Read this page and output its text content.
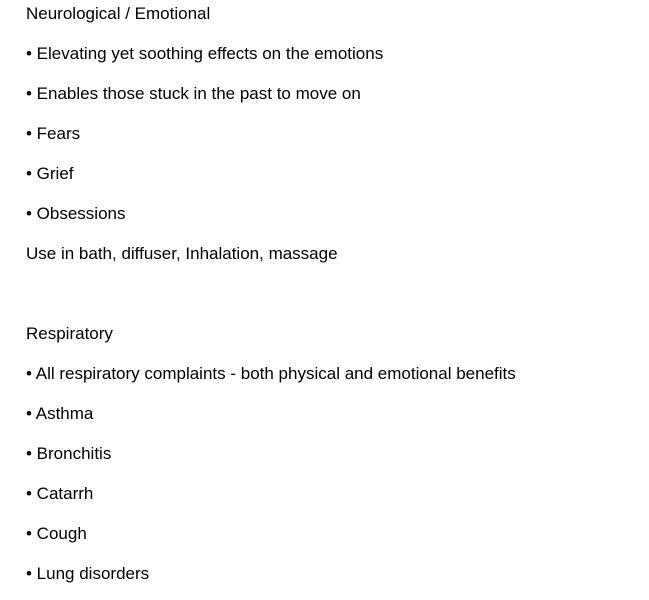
Neurological / Emotional
• Elevating yet soothing effects on the emotions
• Enables those stuck in the past to move on
• Fears
• Grief
• Obsessions
Use in bath, diffuser, Inhalation, massage
Respiratory
• All respiratory complaints - both physical and emotional benefits
• Asthma
• Bronchitis
• Catarrh
• Cough
• Lung disorders
